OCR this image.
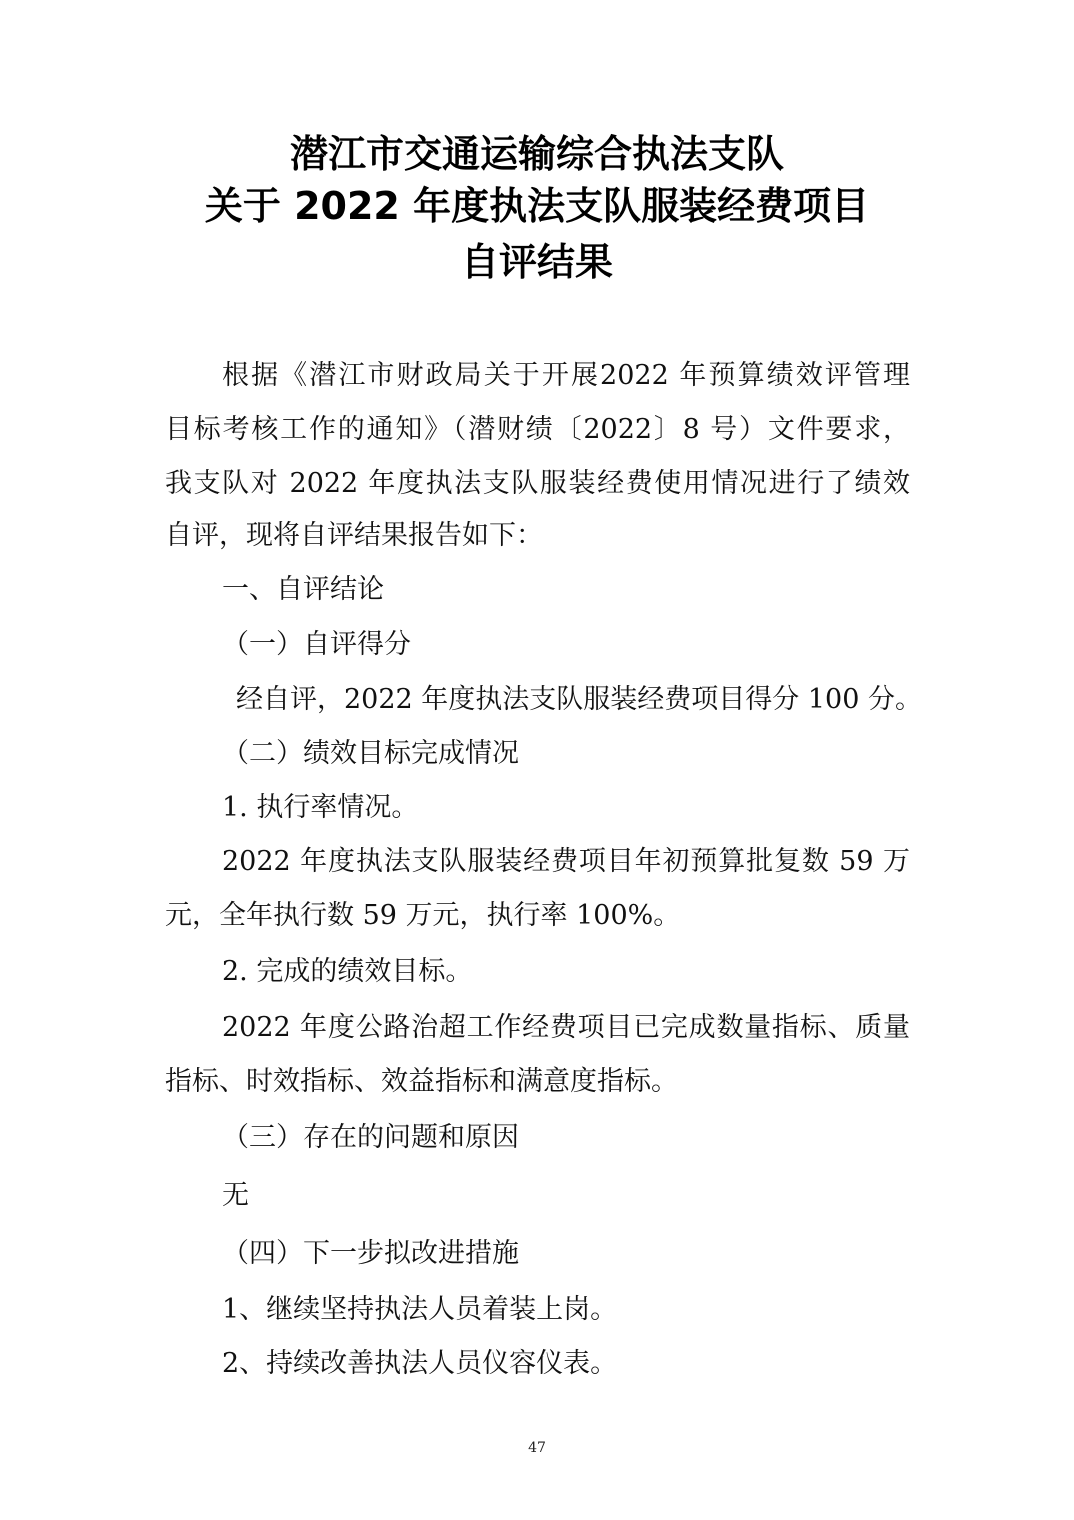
潜江市交通运输综合执法支队
关于 2022 年度执法支队服装经费项目
自评结果
根据《潜江市财政局关于开展2022 年预算绩效评管理
目标考核工作的通知》（潜财绩〔2022〕8 号）文件要求，
我支队对 2022 年度执法支队服装经费使用情况进行了绩效
自评，现将自评结果报告如下：
一、自评结论
（一）自评得分
经自评，2022 年度执法支队服装经费项目得分 100 分。
（二）绩效目标完成情况
1. 执行率情况。
2022 年度执法支队服装经费项目年初预算批复数 59 万
元，全年执行数 59 万元，执行率 100%。
2. 完成的绩效目标。
2022 年度公路治超工作经费项目已完成数量指标、质量
指标、时效指标、效益指标和满意度指标。
（三）存在的问题和原因
无
（四）下一步拟改进措施
1、继续坚持执法人员着装上岗。
2、持续改善执法人员仪容仪表。
47
